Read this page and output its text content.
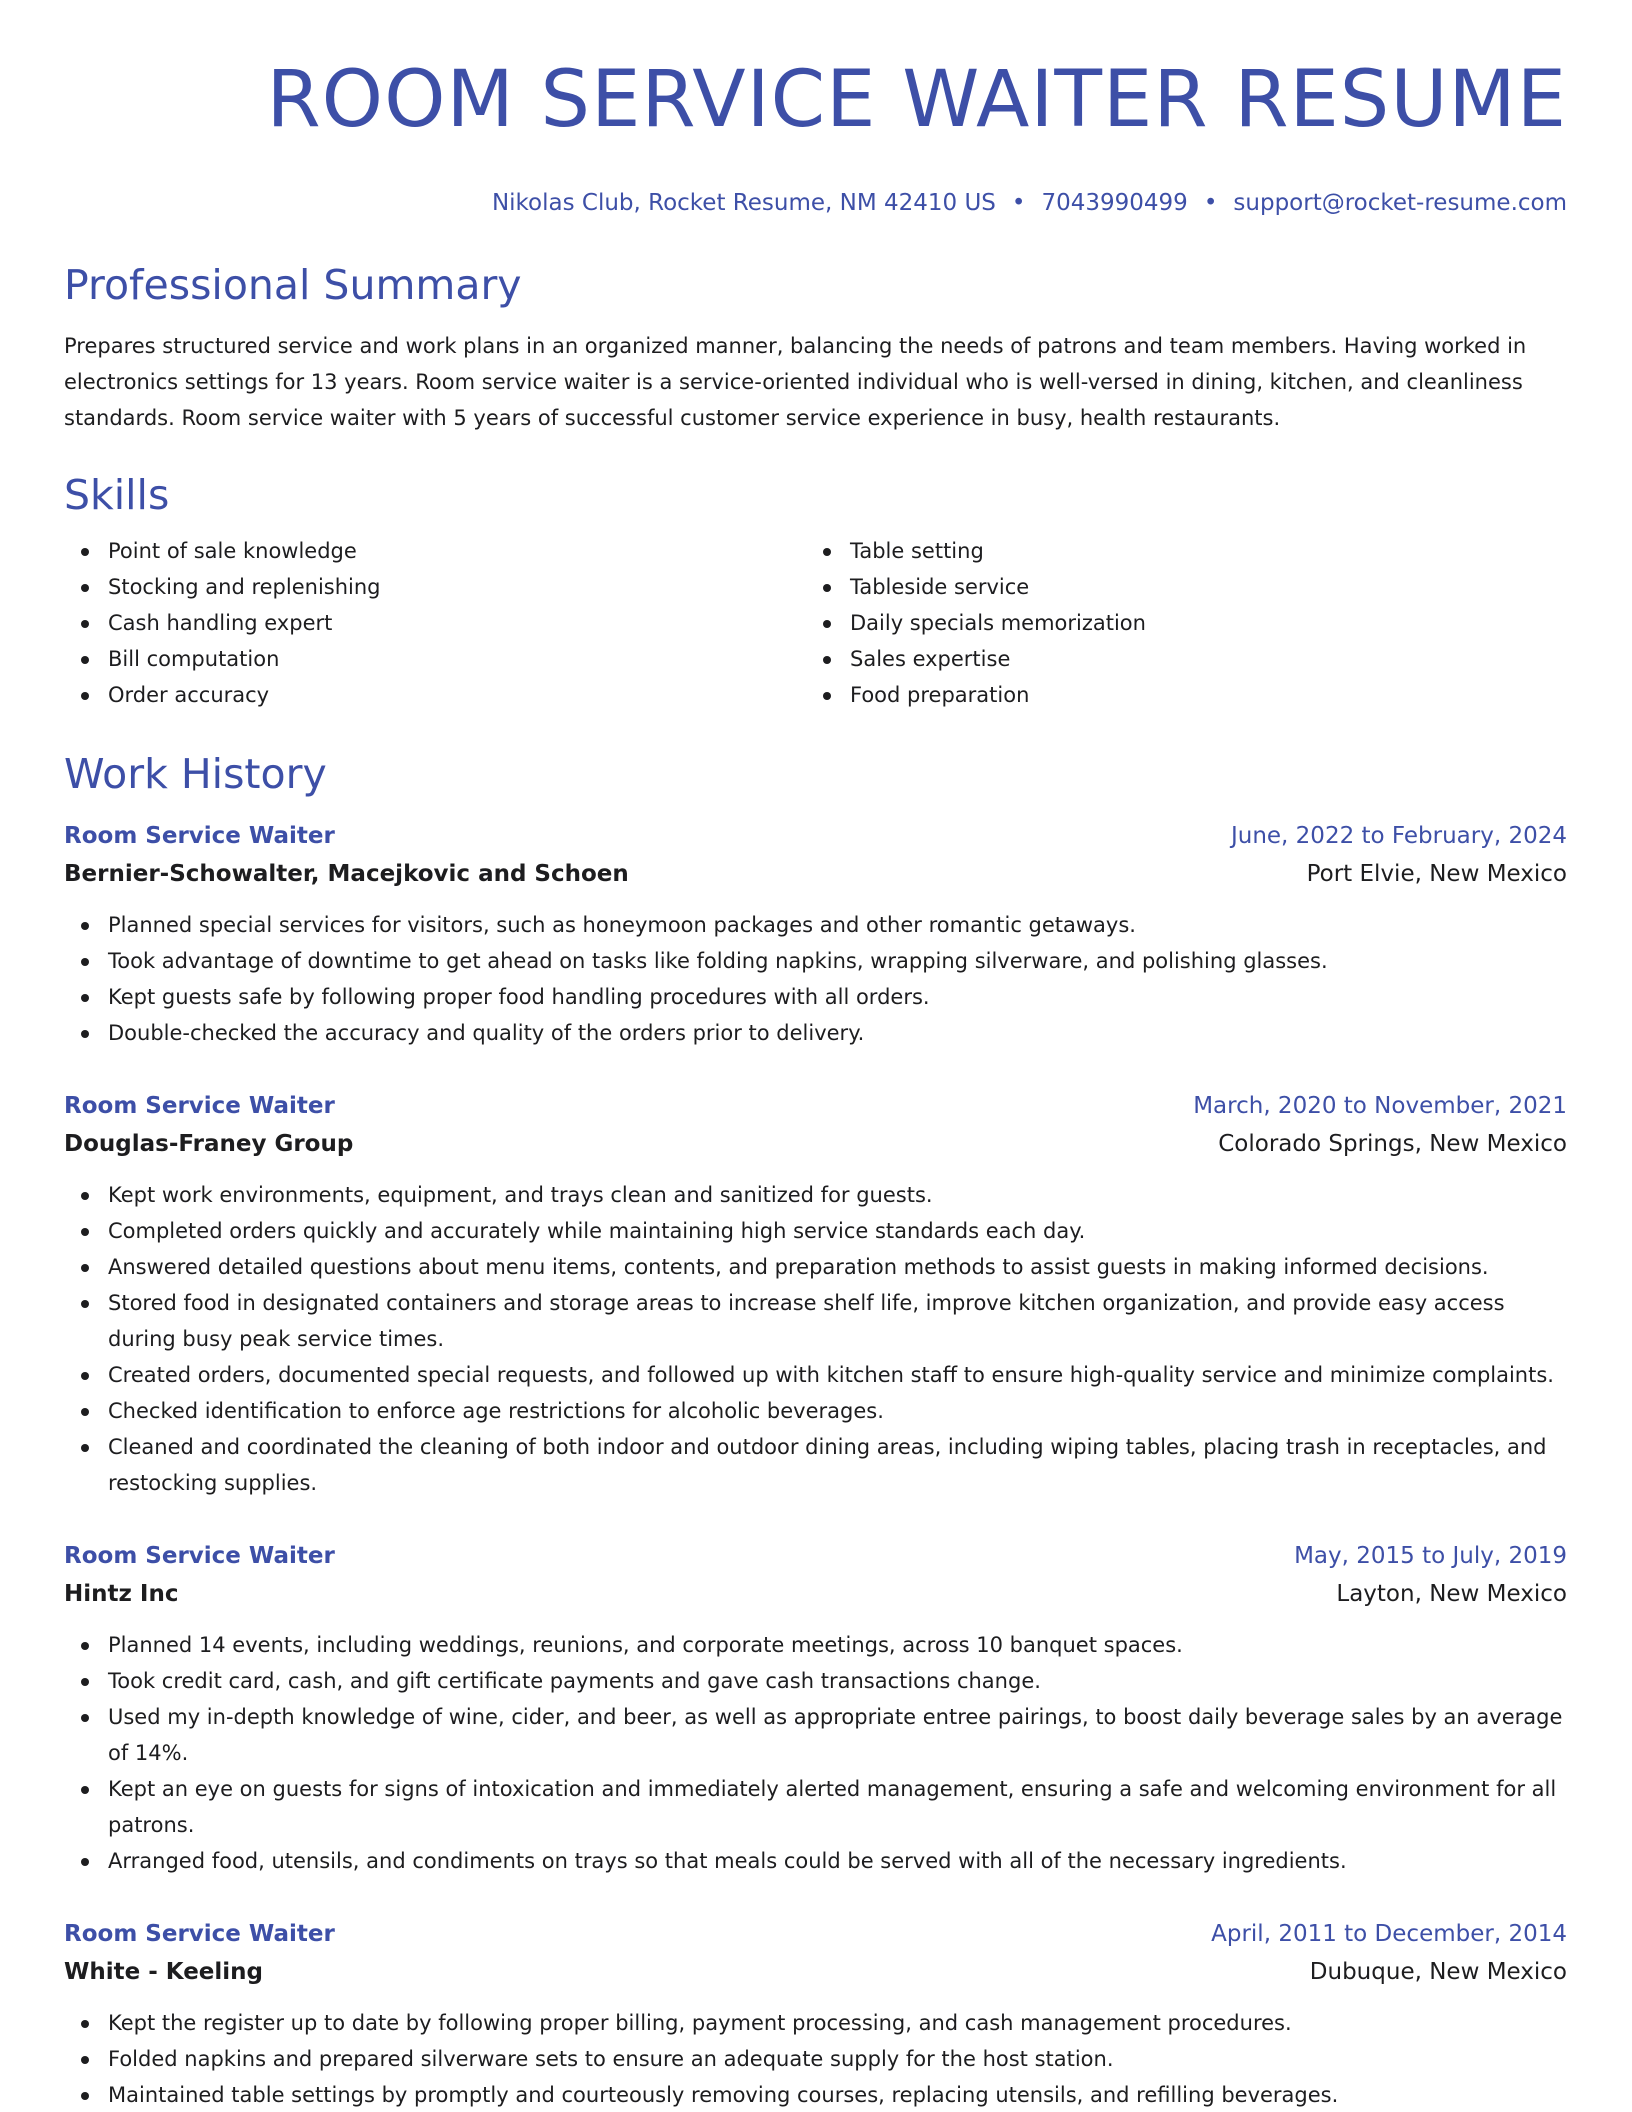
ROOM SERVICE WAITER RESUME
Nikolas Club, Rocket Resume, NM 42410 US • 7043990499 • support@rocket-resume.com
Professional Summary

Prepares structured service and work plans in an organized manner, balancing the needs of patrons and team members. Having worked in electronics settings for 13 years. Room service waiter is a service-oriented individual who is well-versed in dining, kitchen, and cleanliness standards. Room service waiter with 5 years of successful customer service experience in busy, health restaurants.

Skills
Point of sale knowledge
Stocking and replenishing
Cash handling expert
Bill computation
Order accuracy
Table setting
Tableside service
Daily specials memorization
Sales expertise
Food preparation
Work History
Room Service Waiter	June, 2022 to February, 2024
Bernier-Schowalter, Macejkovic and Schoen	Port Elvie, New Mexico
Planned special services for visitors, such as honeymoon packages and other romantic getaways.
Took advantage of downtime to get ahead on tasks like folding napkins, wrapping silverware, and polishing glasses.
Kept guests safe by following proper food handling procedures with all orders.
Double-checked the accuracy and quality of the orders prior to delivery.
Room Service Waiter	March, 2020 to November, 2021
Douglas-Franey Group	Colorado Springs, New Mexico
Kept work environments, equipment, and trays clean and sanitized for guests.
Completed orders quickly and accurately while maintaining high service standards each day.
Answered detailed questions about menu items, contents, and preparation methods to assist guests in making informed decisions.
Stored food in designated containers and storage areas to increase shelf life, improve kitchen organization, and provide easy access during busy peak service times.
Created orders, documented special requests, and followed up with kitchen staff to ensure high-quality service and minimize complaints.
Checked identification to enforce age restrictions for alcoholic beverages.
Cleaned and coordinated the cleaning of both indoor and outdoor dining areas, including wiping tables, placing trash in receptacles, and restocking supplies.
Room Service Waiter	May, 2015 to July, 2019
Hintz Inc	Layton, New Mexico
Planned 14 events, including weddings, reunions, and corporate meetings, across 10 banquet spaces.
Took credit card, cash, and gift certificate payments and gave cash transactions change.
Used my in-depth knowledge of wine, cider, and beer, as well as appropriate entree pairings, to boost daily beverage sales by an average of 14%.
Kept an eye on guests for signs of intoxication and immediately alerted management, ensuring a safe and welcoming environment for all patrons.
Arranged food, utensils, and condiments on trays so that meals could be served with all of the necessary ingredients.
Room Service Waiter	April, 2011 to December, 2014
White - Keeling	Dubuque, New Mexico
Kept the register up to date by following proper billing, payment processing, and cash management procedures.
Folded napkins and prepared silverware sets to ensure an adequate supply for the host station.
Maintained table settings by promptly and courteously removing courses, replacing utensils, and refilling beverages.
